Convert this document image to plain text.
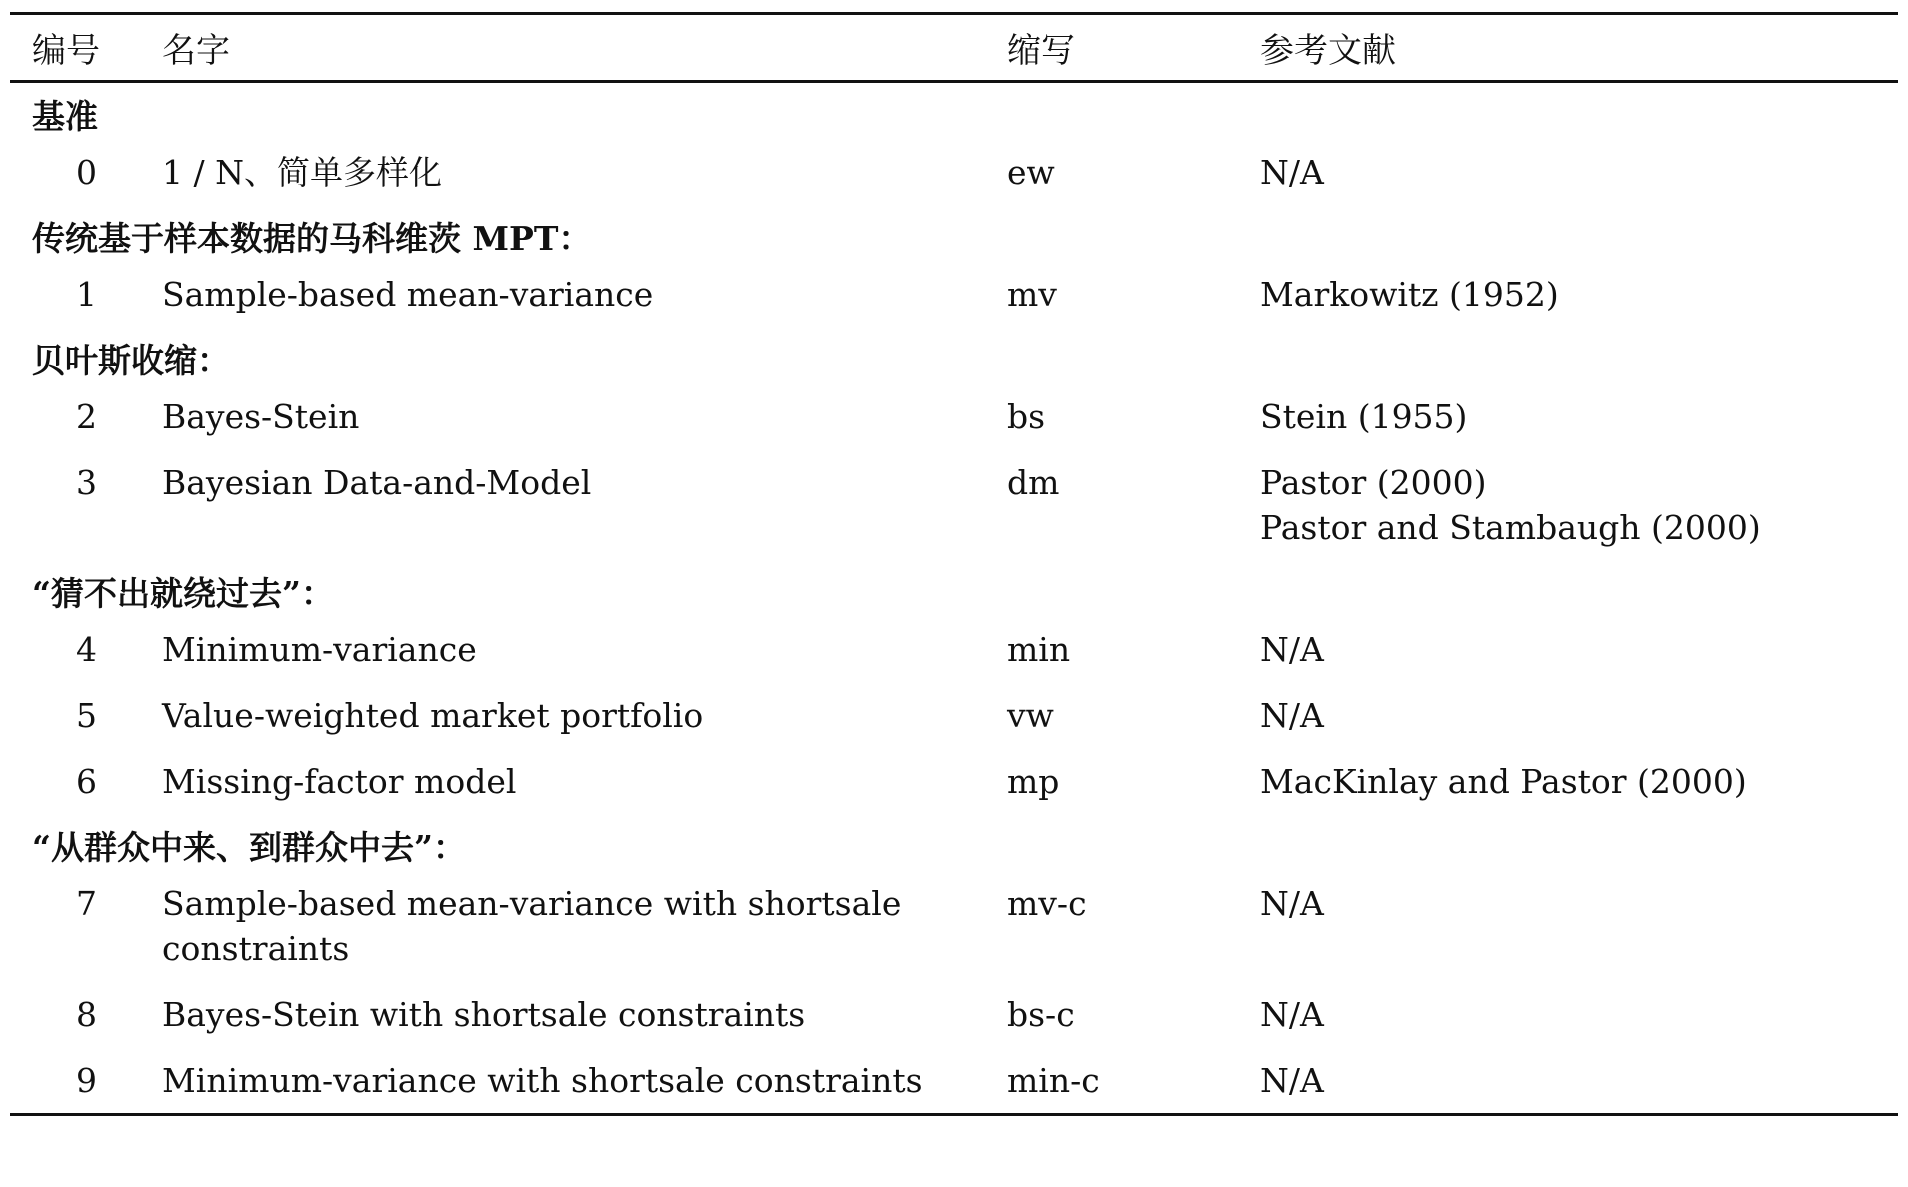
编号	名字	缩写	参考文献
基准			
0	1 / N、简单多样化	ew	N/A

传统基于样本数据的马科维茨 MPT：			
1	Sample-based mean-variance	mv	Markowitz (1952)

贝叶斯收缩：			
2	Bayes-Stein	bs	Stein (1955)

3	Bayesian Data-and-Model	dm	Pastor (2000)
Pastor and Stambaugh (2000)

“猜不出就绕过去”：			
4	Minimum-variance	min	N/A

5	Value-weighted market portfolio	vw	N/A

6	Missing-factor model	mp	MacKinlay and Pastor (2000)

“从群众中来、到群众中去”：			
7	Sample-based mean-variance with shortsale constraints	mv-c	N/A

8	Bayes-Stein with shortsale constraints	bs-c	N/A

9	Minimum-variance with shortsale constraints	min-c	N/A
